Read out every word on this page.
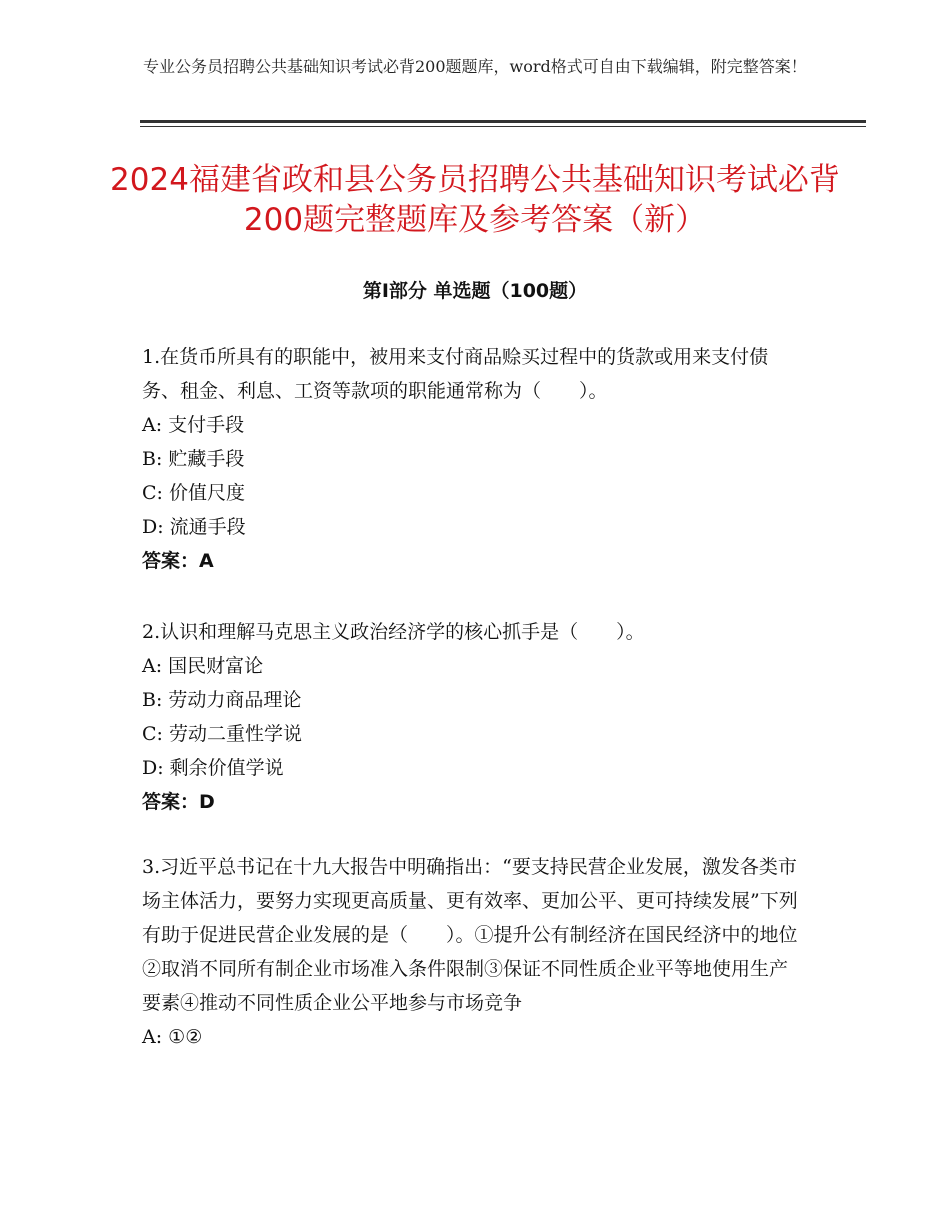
专业公务员招聘公共基础知识考试必背200题题库，word格式可自由下载编辑，附完整答案！
2024福建省政和县公务员招聘公共基础知识考试必背200题完整题库及参考答案（新）
第Ⅰ部分 单选题（100题）
1.在货币所具有的职能中，被用来支付商品赊买过程中的货款或用来支付债务、租金、利息、工资等款项的职能通常称为（　　）。
A: 支付手段
B: 贮藏手段
C: 价值尺度
D: 流通手段
答案：A
2.认识和理解马克思主义政治经济学的核心抓手是（　　）。
A: 国民财富论
B: 劳动力商品理论
C: 劳动二重性学说
D: 剩余价值学说
答案：D
3.习近平总书记在十九大报告中明确指出：“要支持民营企业发展，激发各类市场主体活力，要努力实现更高质量、更有效率、更加公平、更可持续发展”下列有助于促进民营企业发展的是（　　）。①提升公有制经济在国民经济中的地位②取消不同所有制企业市场准入条件限制③保证不同性质企业平等地使用生产要素④推动不同性质企业公平地参与市场竞争
A: ①②
